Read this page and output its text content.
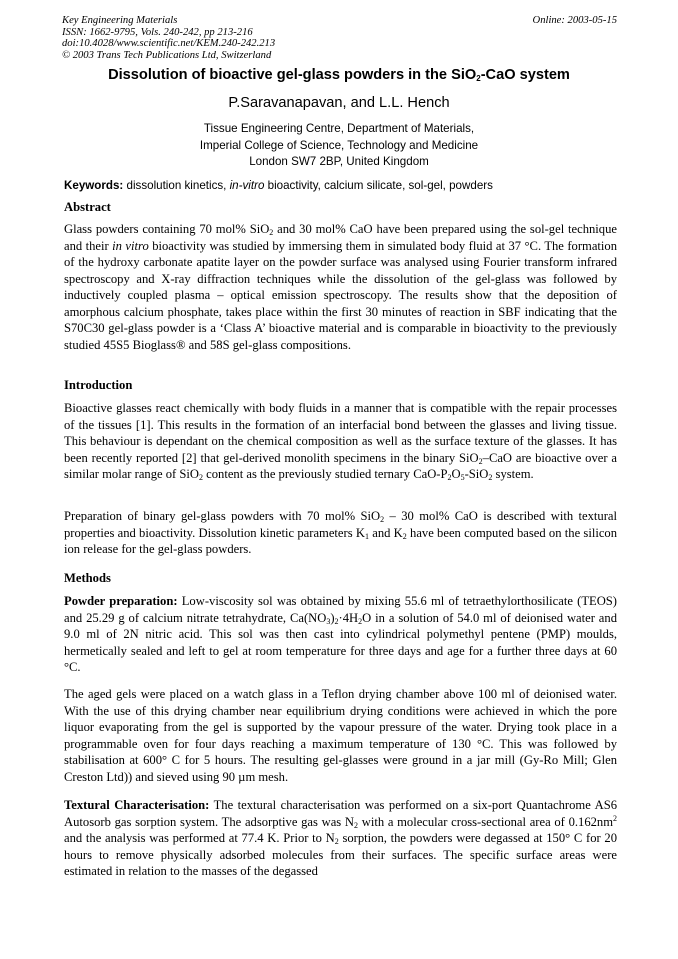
Key Engineering Materials
ISSN: 1662-9795, Vols. 240-242, pp 213-216
doi:10.4028/www.scientific.net/KEM.240-242.213
© 2003 Trans Tech Publications Ltd, Switzerland
Online: 2003-05-15
Dissolution of bioactive gel-glass powders in the SiO$_2$-CaO system
P.Saravanapavan, and L.L. Hench
Tissue Engineering Centre, Department of Materials,
Imperial College of Science, Technology and Medicine
London SW7 2BP, United Kingdom
Keywords: dissolution kinetics, in-vitro bioactivity, calcium silicate, sol-gel, powders
Abstract
Glass powders containing 70 mol% SiO$_2$ and 30 mol% CaO have been prepared using the sol-gel technique and their in vitro bioactivity was studied by immersing them in simulated body fluid at 37 °C. The formation of the hydroxy carbonate apatite layer on the powder surface was analysed using Fourier transform infrared spectroscopy and X-ray diffraction techniques while the dissolution of the gel-glass was followed by inductively coupled plasma – optical emission spectroscopy. The results show that the deposition of amorphous calcium phosphate, takes place within the first 30 minutes of reaction in SBF indicating that the S70C30 gel-glass powder is a ‘Class A’ bioactive material and is comparable in bioactivity to the previously studied 45S5 Bioglass® and 58S gel-glass compositions.
Introduction
Bioactive glasses react chemically with body fluids in a manner that is compatible with the repair processes of the tissues [1]. This results in the formation of an interfacial bond between the glasses and living tissue. This behaviour is dependant on the chemical composition as well as the surface texture of the glasses. It has been recently reported [2] that gel-derived monolith specimens in the binary SiO$_2$–CaO are bioactive over a similar molar range of SiO$_2$ content as the previously studied ternary CaO-$P_2O_5-SiO_2$ system.
Preparation of binary gel-glass powders with 70 mol% SiO$_2$ – 30 mol% CaO is described with textural properties and bioactivity. Dissolution kinetic parameters $K_1$ and $K_2$ have been computed based on the silicon ion release for the gel-glass powders.
Methods
Powder preparation: Low-viscosity sol was obtained by mixing 55.6 ml of tetraethylorthosilicate (TEOS) and 25.29 g of calcium nitrate tetrahydrate, $Ca(NO_3)_2\cdot 4H_2O$ in a solution of 54.0 ml of deionised water and 9.0 ml of 2N nitric acid. This sol was then cast into cylindrical polymethyl pentene (PMP) moulds, hermetically sealed and left to gel at room temperature for three days and age for a further three days at 60 °C.
The aged gels were placed on a watch glass in a Teflon drying chamber above 100 ml of deionised water. With the use of this drying chamber near equilibrium drying conditions were achieved in which the pore liquor evaporating from the gel is supported by the vapour pressure of the water. Drying took place in a programmable oven for four days reaching a maximum temperature of 130 °C. This was followed by stabilisation at 600° C for 5 hours. The resulting gel-glasses were ground in a jar mill (Gy-Ro Mill; Glen Creston Ltd)) and sieved using 90 µm mesh.
Textural Characterisation: The textural characterisation was performed on a six-port Quantachrome AS6 Autosorb gas sorption system. The adsorptive gas was $N_2$ with a molecular cross-sectional area of $0.162nm^2$ and the analysis was performed at 77.4 K. Prior to $N_2$ sorption, the powders were degassed at 150° C for 20 hours to remove physically adsorbed molecules from their surfaces. The specific surface areas were estimated in relation to the masses of the degassed
